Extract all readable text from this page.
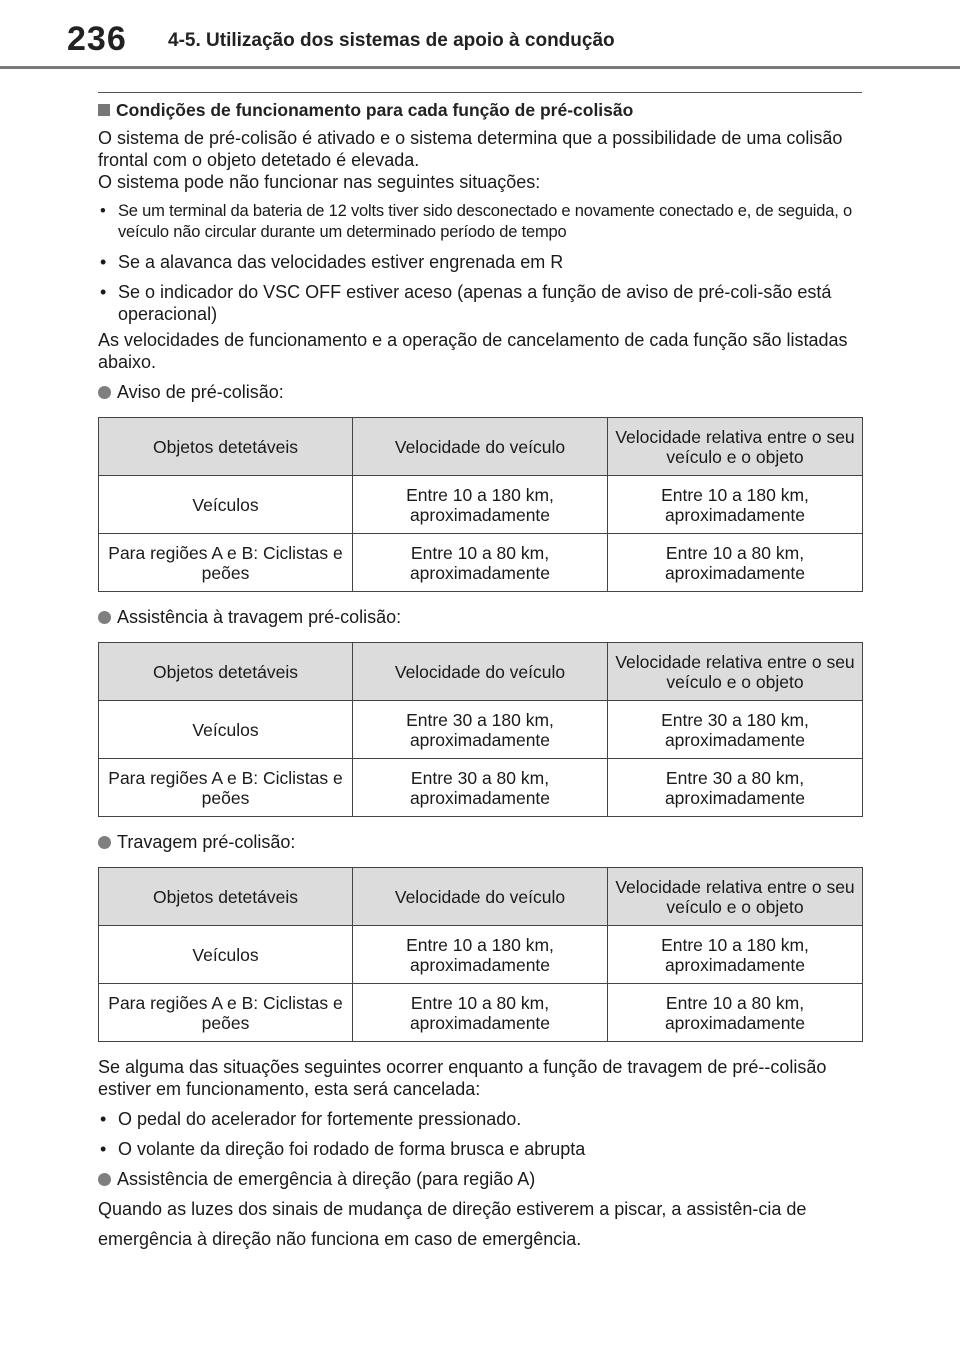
236 4-5. Utilização dos sistemas de apoio à condução
Condições de funcionamento para cada função de pré-colisão

O sistema de pré-colisão é ativado e o sistema determina que a possibilidade de uma colisão frontal com o objeto detetado é elevada.

O sistema pode não funcionar nas seguintes situações:

• Se um terminal da bateria de 12 volts tiver sido desconectado e novamente conectado e, de seguida, o veículo não circular durante um determinado período de tempo
• Se a alavanca das velocidades estiver engrenada em R
• Se o indicador do VSC OFF estiver aceso (apenas a função de aviso de pré-coli-são está operacional)

As velocidades de funcionamento e a operação de cancelamento de cada função são listadas abaixo.

Aviso de pré-colisão:
Objetos detetáveis	Velocidade do veículo	Velocidade relativa entre o seu veículo e o objeto
Veículos	Entre 10 a 180 km, aproximadamente	Entre 10 a 180 km, aproximadamente
Para regiões A e B: Ciclistas e peões	Entre 10 a 80 km, aproximadamente	Entre 10 a 80 km, aproximadamente
Assistência à travagem pré-colisão:
Objetos detetáveis	Velocidade do veículo	Velocidade relativa entre o seu veículo e o objeto
Veículos	Entre 30 a 180 km, aproximadamente	Entre 30 a 180 km, aproximadamente
Para regiões A e B: Ciclistas e peões	Entre 30 a 80 km, aproximadamente	Entre 30 a 80 km, aproximadamente
Travagem pré-colisão:
Objetos detetáveis	Velocidade do veículo	Velocidade relativa entre o seu veículo e o objeto
Veículos	Entre 10 a 180 km, aproximadamente	Entre 10 a 180 km, aproximadamente
Para regiões A e B: Ciclistas e peões	Entre 10 a 80 km, aproximadamente	Entre 10 a 80 km, aproximadamente

Se alguma das situações seguintes ocorrer enquanto a função de travagem de pré--colisão estiver em funcionamento, esta será cancelada:

• O pedal do acelerador for fortemente pressionado.
• O volante da direção foi rodado de forma brusca e abrupta
Assistência de emergência à direção (para região A)

Quando as luzes dos sinais de mudança de direção estiverem a piscar, a assistên-cia de emergência à direção não funciona em caso de emergência.
